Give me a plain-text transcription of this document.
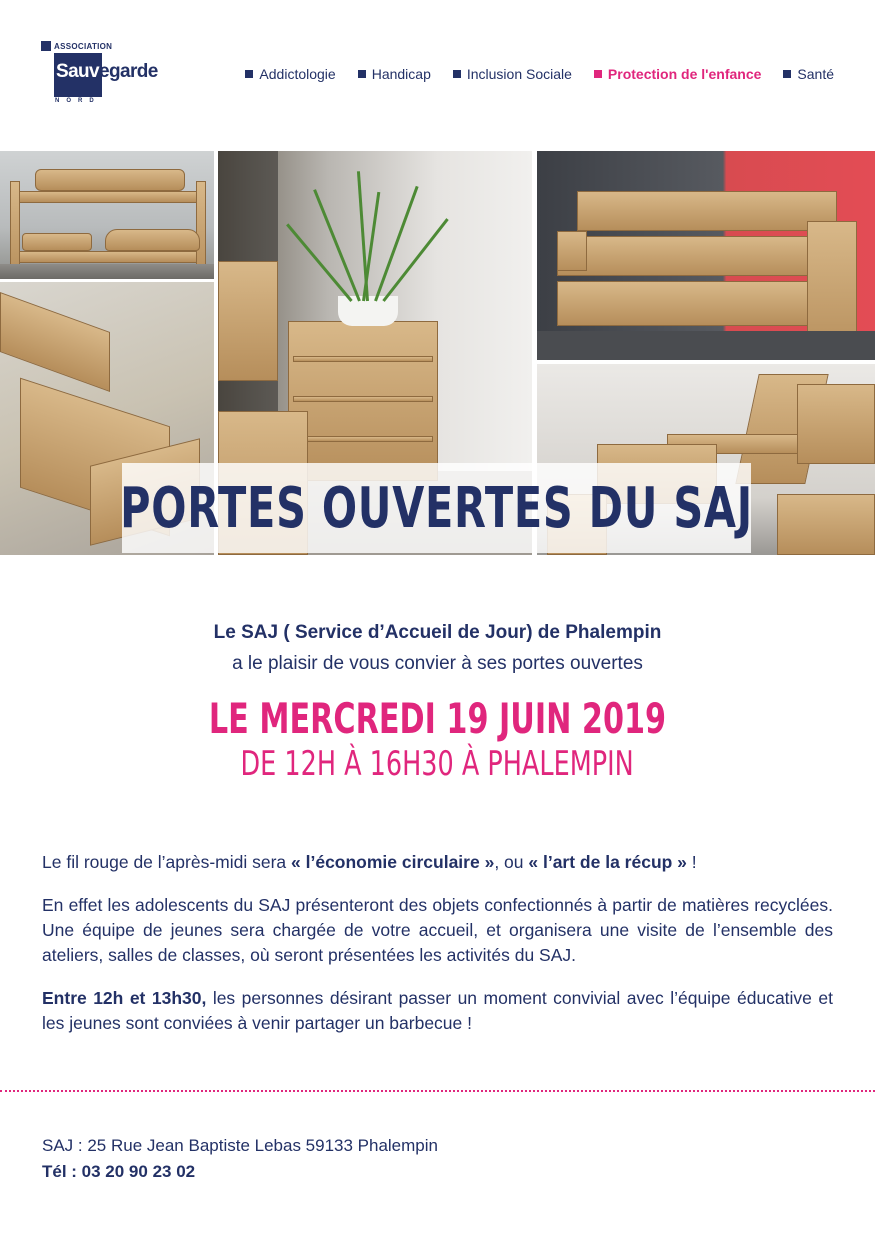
ASSOCIATION
Sauvegarde
NORD
Addictologie	Handicap	Inclusion Sociale	Protection de l'enfance	Santé
PORTES OUVERTES DU SAJ
Le SAJ ( Service d’Accueil de Jour) de Phalempin
a le plaisir de vous convier à ses portes ouvertes
LE MERCREDI 19 JUIN 2019
DE 12H À 16H30 À PHALEMPIN

Le fil rouge de l’après-midi sera « l’économie circulaire », ou « l’art de la récup » !

En effet les adolescents du SAJ présenteront des objets confectionnés à partir de matières recyclées. Une équipe de jeunes sera chargée de votre accueil, et organisera une visite de l’ensemble des ateliers, salles de classes, où seront présentées les activités du SAJ.

Entre 12h et 13h30, les personnes désirant passer un moment convivial avec l’équipe éducative et les jeunes sont conviées à venir partager un barbecue !

SAJ : 25 Rue Jean Baptiste Lebas 59133 Phalempin
Tél : 03 20 90 23 02
